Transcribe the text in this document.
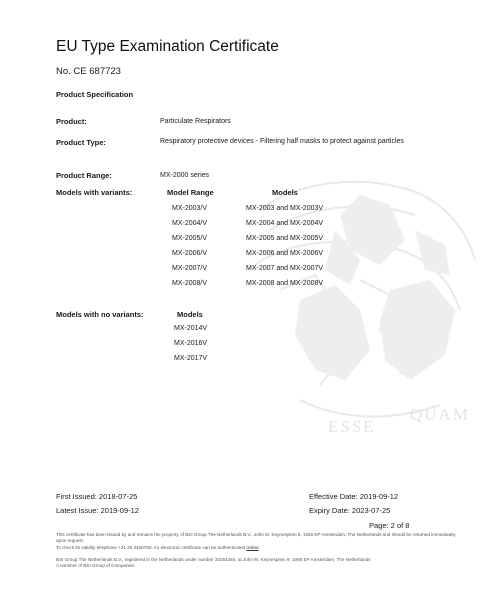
ESSE
QUAM
EU Type Examination Certificate
No. CE 687723
Product Specification
Product:	Particulate Respirators
Product Type:	Respiratory protective devices - Filtering half masks to protect against particles
Product Range:	MX-2000 series
Models with variants:	Model Range	Models
MX-2003/V	MX-2003 and MX-2003V
MX-2004/V	MX-2004 and MX-2004V
MX-2005/V	MX-2005 and MX-2005V
MX-2006/V	MX-2006 and MX-2006V
MX-2007/V	MX-2007 and MX-2007V
MX-2008/V	MX-2008 and MX-2008V
Models with no variants:	Models
MX-2014V
MX-2016V
MX-2017V
First Issued: 2018-07-25
Latest Issue: 2019-09-12
Effective Date: 2019-09-12
Expiry Date: 2023-07-25
Page: 2 of 8
This certificate has been issued by and remains the property of BSI Group The Netherlands B.V., John M. Keynesplein 9, 1066 EP Amsterdam, The Netherlands and should be returned immediately upon request.
To check its validity telephone +31 20 3460780. An electronic certificate can be authenticated online.
BSI Group The Netherlands B.V., registered in the Netherlands under number 33264284, at John M. Keynesplein 9, 1066 EP Amsterdam, The Netherlands
A member of BSI Group of Companies.
